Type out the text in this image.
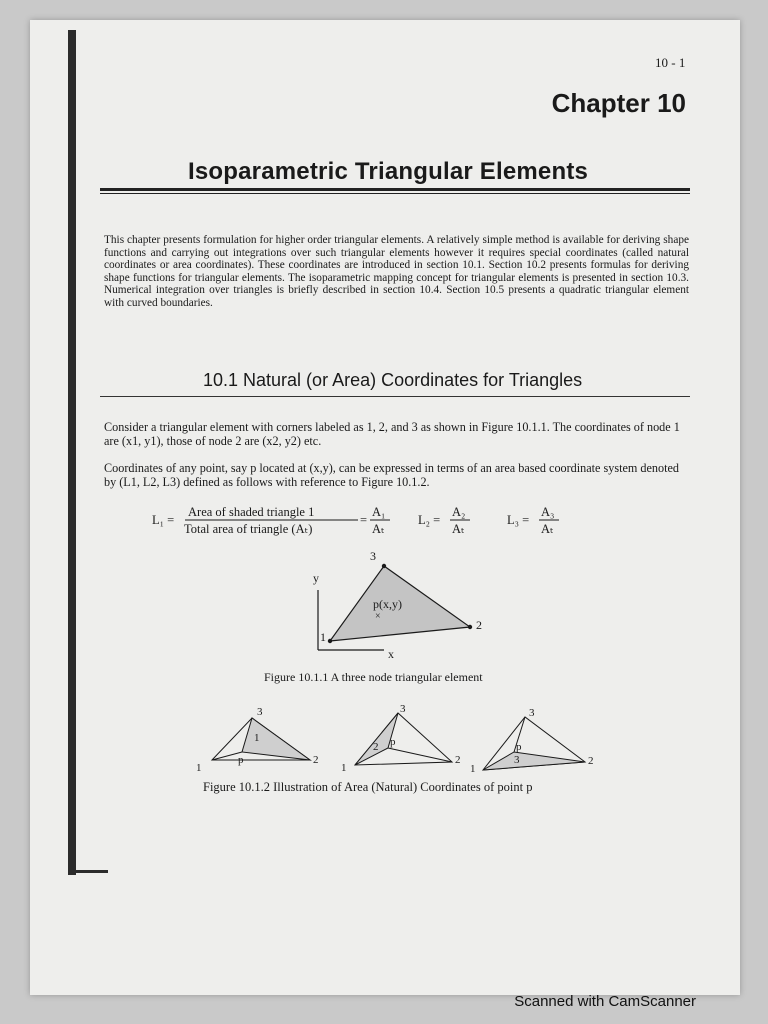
10 - 1
Chapter 10
Isoparametric Triangular Elements
This chapter presents formulation for higher order triangular elements. A relatively simple method is available for deriving shape functions and carrying out integrations over such triangular elements however it requires special coordinates (called natural coordinates or area coordinates). These coordinates are introduced in section 10.1. Section 10.2 presents formulas for deriving shape functions for triangular elements. The isoparametric mapping concept for triangular elements is presented in section 10.3. Numerical integration over triangles is briefly described in section 10.4. Section 10.5 presents a quadratic triangular element with curved boundaries.
10.1 Natural (or Area) Coordinates for Triangles
Consider a triangular element with corners labeled as 1, 2, and 3 as shown in Figure 10.1.1. The coordinates of node 1 are (x1, y1), those of node 2 are (x2, y2) etc.
Coordinates of any point, say p located at (x,y), can be expressed in terms of an area based coordinate system denoted by (L1, L2, L3) defined as follows with reference to Figure 10.1.2.
L₁ =
Area of shaded triangle 1
Total area of triangle (Aₜ)
=
A₁
Aₜ
L₂ =
A₂
Aₜ
L₃ =
A₃
Aₜ
y
x
1
3
2
p(x,y)
×
1
3
2
p
1
1
3
2
p
2
1
3
2
p
3
Figure 10.1.1 A three node triangular element
Figure 10.1.2 Illustration of Area (Natural) Coordinates of point p
Scanned with CamScanner
